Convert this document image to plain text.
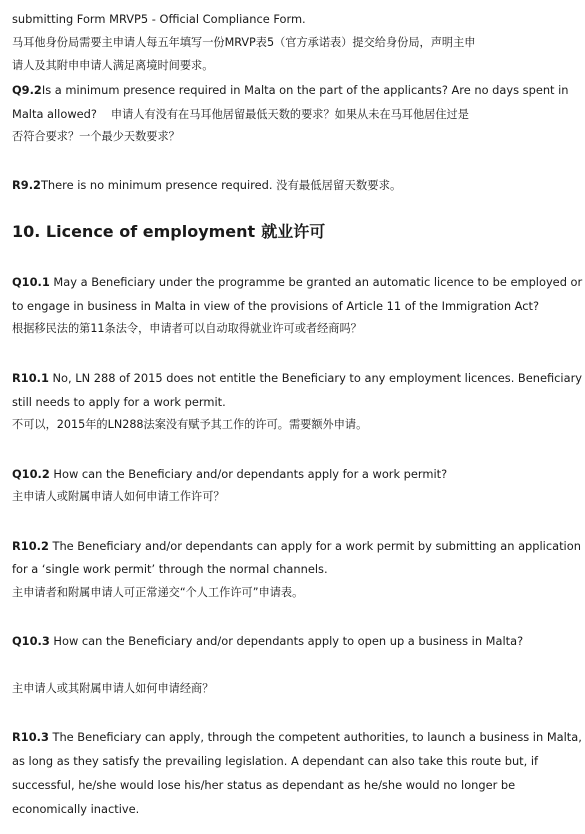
submitting Form MRVP5 - Official Compliance Form.
马耳他身份局需要主申请人每五年填写一份MRVP表5（官方承诺表）提交给身份局，声明主申
请人及其附申申请人满足离境时间要求。
Q9.2Is a minimum presence required in Malta on the part of the applicants? Are no days spent in
Malta allowed? 申请人有没有在马耳他居留最低天数的要求？如果从未在马耳他居住过是
否符合要求？一个最少天数要求？
R9.2There is no minimum presence required. 没有最低居留天数要求。
10. Licence of employment 就业许可
Q10.1 May a Beneficiary under the programme be granted an automatic licence to be employed or
to engage in business in Malta in view of the provisions of Article 11 of the Immigration Act?
根据移民法的第11条法令，申请者可以自动取得就业许可或者经商吗？
R10.1 No, LN 288 of 2015 does not entitle the Beneficiary to any employment licences. Beneficiary
still needs to apply for a work permit.
不可以，2015年的LN288法案没有赋予其工作的许可。需要额外申请。
Q10.2 How can the Beneficiary and/or dependants apply for a work permit?
主申请人或附属申请人如何申请工作许可？
R10.2 The Beneficiary and/or dependants can apply for a work permit by submitting an application
for a ‘single work permit’ through the normal channels.
主申请者和附属申请人可正常递交“个人工作许可”申请表。
Q10.3 How can the Beneficiary and/or dependants apply to open up a business in Malta?
主申请人或其附属申请人如何申请经商？
R10.3 The Beneficiary can apply, through the competent authorities, to launch a business in Malta,
as long as they satisfy the prevailing legislation. A dependant can also take this route but, if
successful, he/she would lose his/her status as dependant as he/she would no longer be
economically inactive.
